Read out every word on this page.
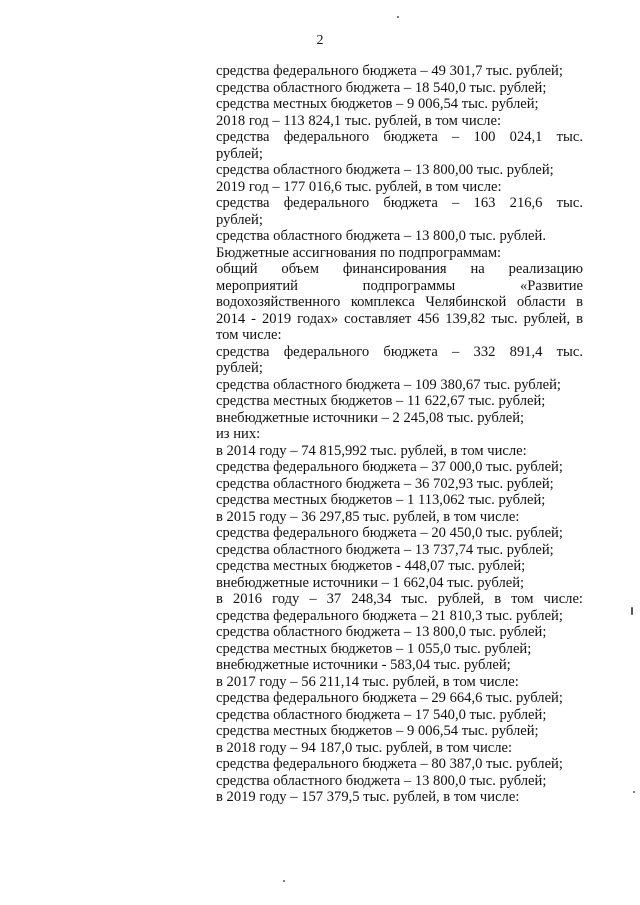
2
средства федерального бюджета – 49 301,7 тыс. рублей;
средства областного бюджета – 18 540,0 тыс. рублей;
средства местных бюджетов – 9 006,54 тыс. рублей;
2018 год – 113 824,1 тыс. рублей, в том числе:
средства федерального бюджета – 100 024,1 тыс.
рублей;
средства областного бюджета – 13 800,00 тыс. рублей;
2019 год – 177 016,6 тыс. рублей, в том числе:
средства федерального бюджета – 163 216,6 тыс.
рублей;
средства областного бюджета – 13 800,0 тыс. рублей.
Бюджетные ассигнования по подпрограммам:
общий объем финансирования на реализацию
мероприятий подпрограммы «Развитие
водохозяйственного комплекса Челябинской области в
2014 - 2019 годах» составляет 456 139,82 тыс. рублей, в
том числе:
средства федерального бюджета – 332 891,4 тыс.
рублей;
средства областного бюджета – 109 380,67 тыс. рублей;
средства местных бюджетов – 11 622,67 тыс. рублей;
внебюджетные источники – 2 245,08 тыс. рублей;
из них:
в 2014 году – 74 815,992 тыс. рублей, в том числе:
средства федерального бюджета – 37 000,0 тыс. рублей;
средства областного бюджета – 36 702,93 тыс. рублей;
средства местных бюджетов – 1 113,062 тыс. рублей;
в 2015 году – 36 297,85 тыс. рублей, в том числе:
средства федерального бюджета – 20 450,0 тыс. рублей;
средства областного бюджета – 13 737,74 тыс. рублей;
средства местных бюджетов - 448,07 тыс. рублей;
внебюджетные источники – 1 662,04 тыс. рублей;
в 2016 году – 37 248,34 тыс. рублей, в том числе:
средства федерального бюджета – 21 810,3 тыс. рублей;
средства областного бюджета – 13 800,0 тыс. рублей;
средства местных бюджетов – 1 055,0 тыс. рублей;
внебюджетные источники - 583,04 тыс. рублей;
в 2017 году – 56 211,14 тыс. рублей, в том числе:
средства федерального бюджета – 29 664,6 тыс. рублей;
средства областного бюджета – 17 540,0 тыс. рублей;
средства местных бюджетов – 9 006,54 тыс. рублей;
в 2018 году – 94 187,0 тыс. рублей, в том числе:
средства федерального бюджета – 80 387,0 тыс. рублей;
средства областного бюджета – 13 800,0 тыс. рублей;
в 2019 году – 157 379,5 тыс. рублей, в том числе:
